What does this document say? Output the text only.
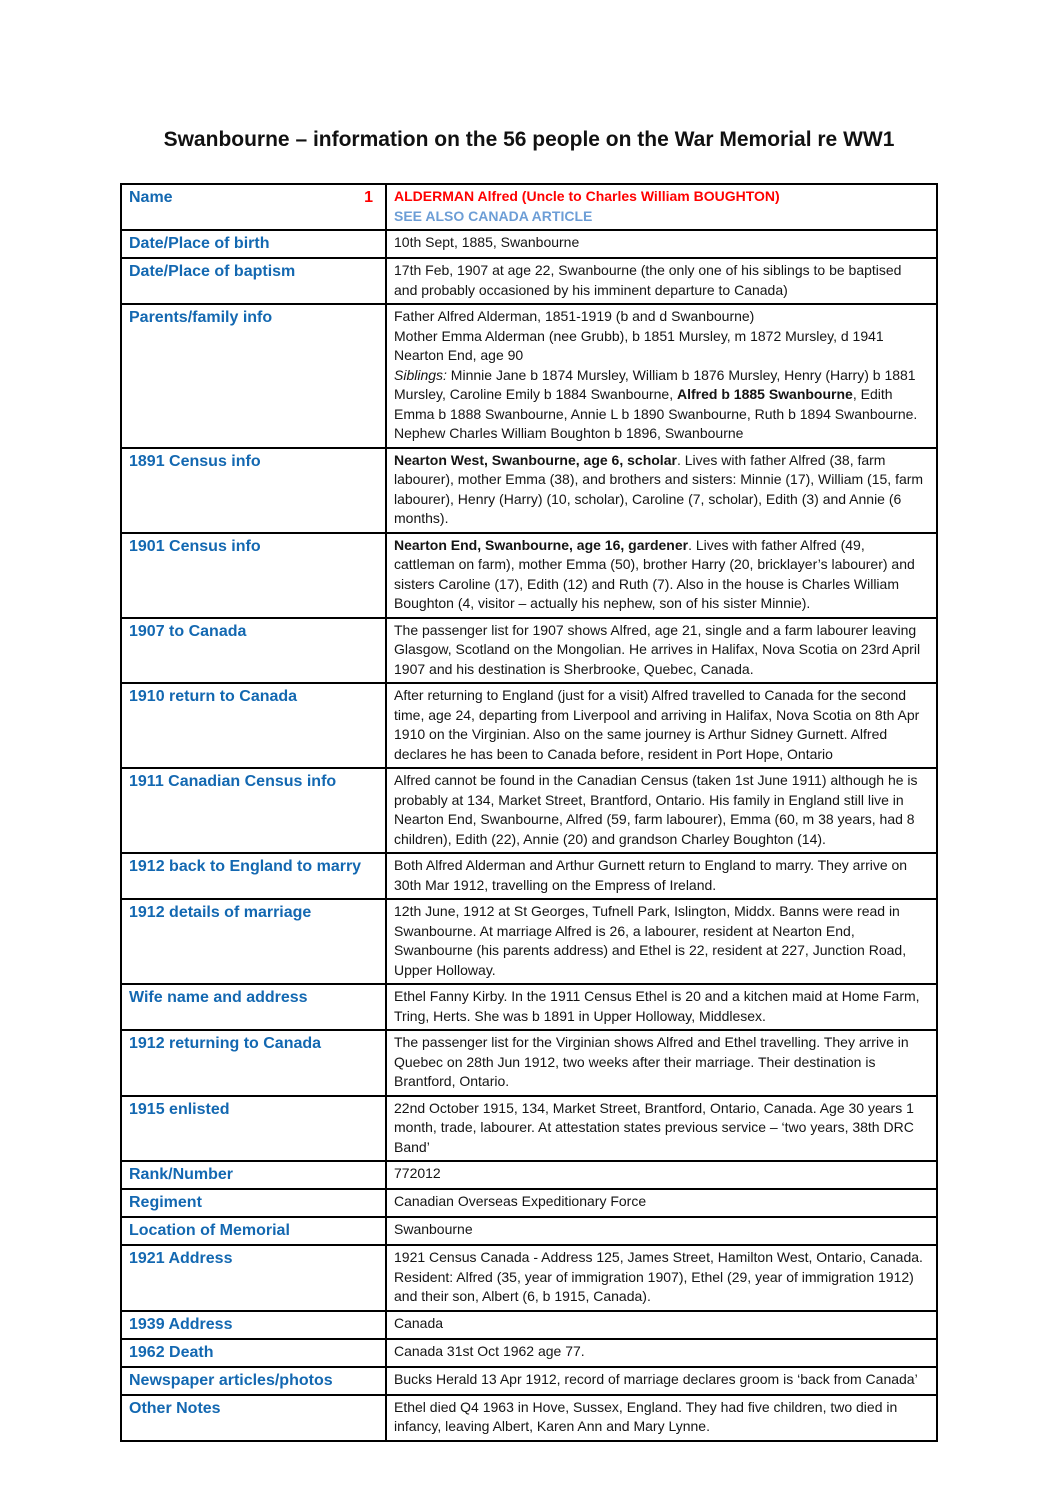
Swanbourne – information on the 56 people on the War Memorial re WW1
Name	1	ALDERMAN Alfred (Uncle to Charles William BOUGHTON)
SEE ALSO CANADA ARTICLE

Date/Place of birth	10th Sept, 1885, Swanbourne

Date/Place of baptism	17th Feb, 1907 at age 22, Swanbourne (the only one of his siblings to be baptised and probably occasioned by his imminent departure to Canada)

Parents/family info	Father Alfred Alderman, 1851-1919 (b and d Swanbourne)
Mother Emma Alderman (nee Grubb), b 1851 Mursley, m 1872 Mursley, d 1941 Nearton End, age 90
Siblings: Minnie Jane b 1874 Mursley, William b 1876 Mursley, Henry (Harry) b 1881 Mursley, Caroline Emily b 1884 Swanbourne, Alfred b 1885 Swanbourne, Edith Emma b 1888 Swanbourne, Annie L b 1890 Swanbourne, Ruth b 1894 Swanbourne. Nephew Charles William Boughton b 1896, Swanbourne

1891 Census info	Nearton West, Swanbourne, age 6, scholar. Lives with father Alfred (38, farm labourer), mother Emma (38), and brothers and sisters: Minnie (17), William (15, farm labourer), Henry (Harry) (10, scholar), Caroline (7, scholar), Edith (3) and Annie (6 months).

1901 Census info	Nearton End, Swanbourne, age 16, gardener. Lives with father Alfred (49, cattleman on farm), mother Emma (50), brother Harry (20, bricklayer’s labourer) and sisters Caroline (17), Edith (12) and Ruth (7). Also in the house is Charles William Boughton (4, visitor – actually his nephew, son of his sister Minnie).

1907 to Canada	The passenger list for 1907 shows Alfred, age 21, single and a farm labourer leaving Glasgow, Scotland on the Mongolian. He arrives in Halifax, Nova Scotia on 23rd April 1907 and his destination is Sherbrooke, Quebec, Canada.

1910 return to Canada	After returning to England (just for a visit) Alfred travelled to Canada for the second time, age 24, departing from Liverpool and arriving in Halifax, Nova Scotia on 8th Apr 1910 on the Virginian. Also on the same journey is Arthur Sidney Gurnett. Alfred declares he has been to Canada before, resident in Port Hope, Ontario

1911 Canadian Census info	Alfred cannot be found in the Canadian Census (taken 1st June 1911) although he is probably at 134, Market Street, Brantford, Ontario. His family in England still live in Nearton End, Swanbourne, Alfred (59, farm labourer), Emma (60, m 38 years, had 8 children), Edith (22), Annie (20) and grandson Charley Boughton (14).

1912 back to England to marry	Both Alfred Alderman and Arthur Gurnett return to England to marry. They arrive on 30th Mar 1912, travelling on the Empress of Ireland.

1912 details of marriage	12th June, 1912 at St Georges, Tufnell Park, Islington, Middx. Banns were read in Swanbourne. At marriage Alfred is 26, a labourer, resident at Nearton End, Swanbourne (his parents address) and Ethel is 22, resident at 227, Junction Road, Upper Holloway.

Wife name and address	Ethel Fanny Kirby. In the 1911 Census Ethel is 20 and a kitchen maid at Home Farm, Tring, Herts. She was b 1891 in Upper Holloway, Middlesex.

1912 returning to Canada	The passenger list for the Virginian shows Alfred and Ethel travelling. They arrive in Quebec on 28th Jun 1912, two weeks after their marriage. Their destination is Brantford, Ontario.

1915 enlisted	22nd October 1915, 134, Market Street, Brantford, Ontario, Canada. Age 30 years 1 month, trade, labourer. At attestation states previous service – ‘two years, 38th DRC Band’

Rank/Number	772012

Regiment	Canadian Overseas Expeditionary Force

Location of Memorial	Swanbourne

1921 Address	1921 Census Canada - Address 125, James Street, Hamilton West, Ontario, Canada. Resident: Alfred (35, year of immigration 1907), Ethel (29, year of immigration 1912) and their son, Albert (6, b 1915, Canada).

1939 Address	Canada

1962 Death	Canada 31st Oct 1962 age 77.

Newspaper articles/photos	Bucks Herald 13 Apr 1912, record of marriage declares groom is ‘back from Canada’

Other Notes	Ethel died Q4 1963 in Hove, Sussex, England. They had five children, two died in infancy, leaving Albert, Karen Ann and Mary Lynne.
